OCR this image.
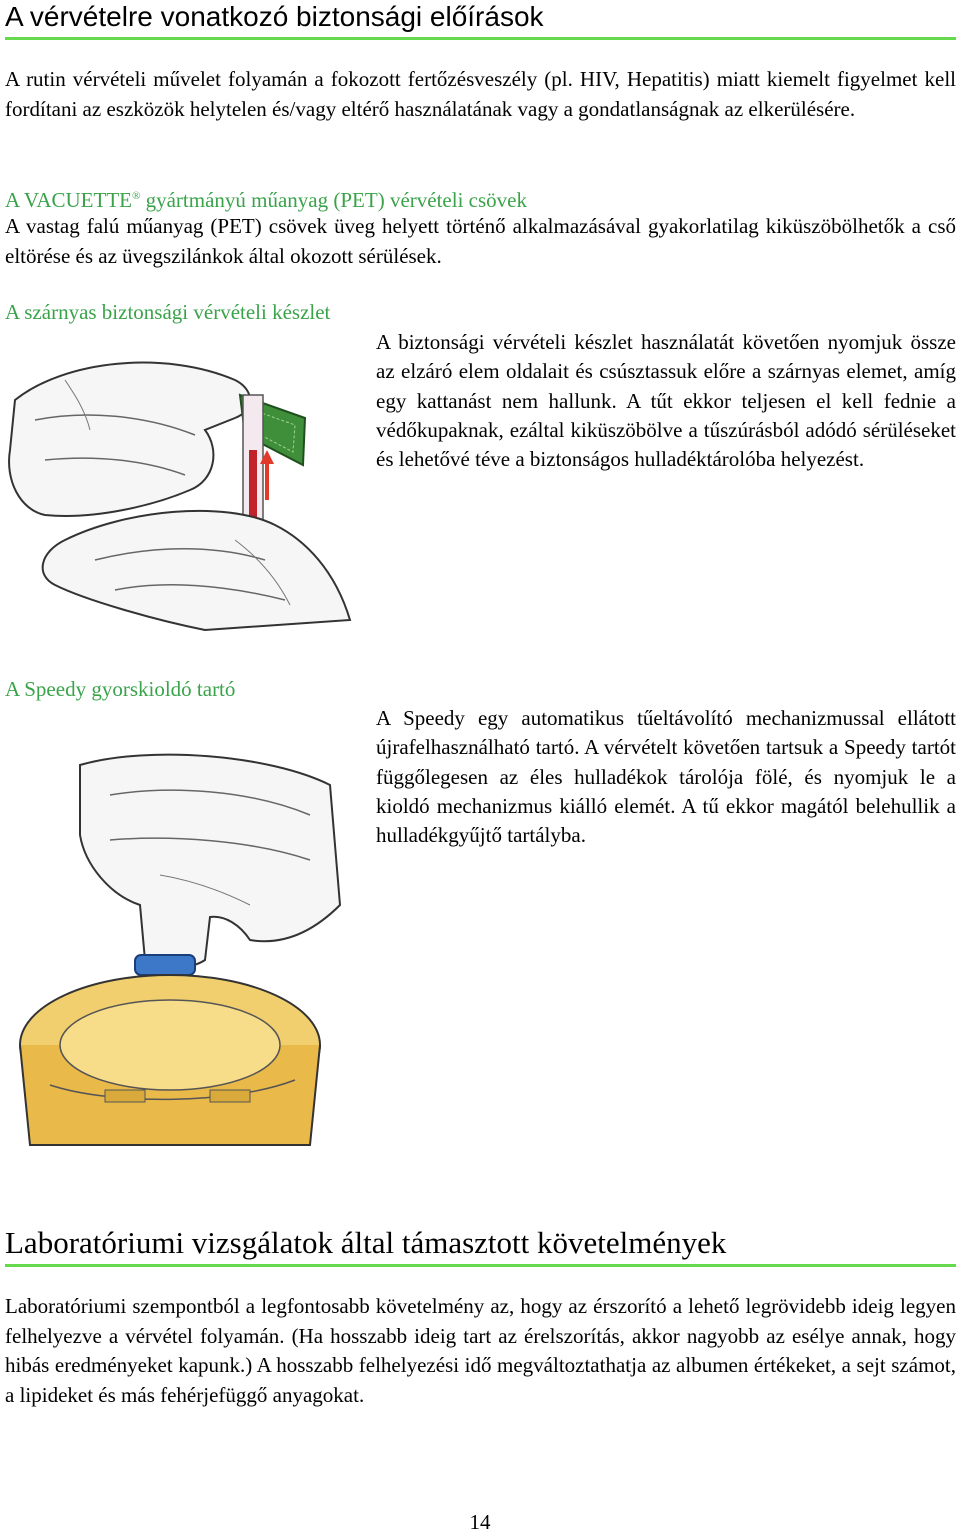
A vérvételre vonatkozó biztonsági előírások

A rutin vérvételi művelet folyamán a fokozott fertőzésveszély (pl. HIV, Hepatitis) miatt kiemelt figyelmet kell fordítani az eszközök helytelen és/vagy eltérő használatának vagy a gondatlanságnak az elkerülésére.

A VACUETTE® gyártmányú műanyag (PET) vérvételi csövek

A vastag falú műanyag (PET) csövek üveg helyett történő alkalmazásával gyakorlatilag kiküszöbölhetők a cső eltörése és az üvegszilánkok által okozott sérülések.

A szárnyas biztonsági vérvételi készlet

A biztonsági vérvételi készlet használatát követően nyomjuk össze az elzáró elem oldalait és csúsztassuk előre a szárnyas elemet, amíg egy kattanást nem hallunk. A tűt ekkor teljesen el kell fednie a védőkupaknak, ezáltal kiküszöbölve a tűszúrásból adódó sérüléseket és lehetővé téve a biztonságos hulladéktárolóba helyezést.

A Speedy gyorskioldó tartó

A Speedy egy automatikus tűeltávolító mechanizmussal ellátott újrafelhasználható tartó. A vérvételt követően tartsuk a Speedy tartót függőlegesen az éles hulladékok tárolója fölé, és nyomjuk le a kioldó mechanizmus kiálló elemét. A tű ekkor magától belehullik a hulladékgyűjtő tartályba.

Laboratóriumi vizsgálatok által támasztott követelmények

Laboratóriumi szempontból a legfontosabb követelmény az, hogy az érszorító a lehető legrövidebb ideig legyen felhelyezve a vérvétel folyamán. (Ha hosszabb ideig tart az érelszorítás, akkor nagyobb az esélye annak, hogy hibás eredményeket kapunk.) A hosszabb felhelyezési idő megváltoztathatja az albumen értékeket, a sejt számot, a lipideket és más fehérjefüggő anyagokat.

14
